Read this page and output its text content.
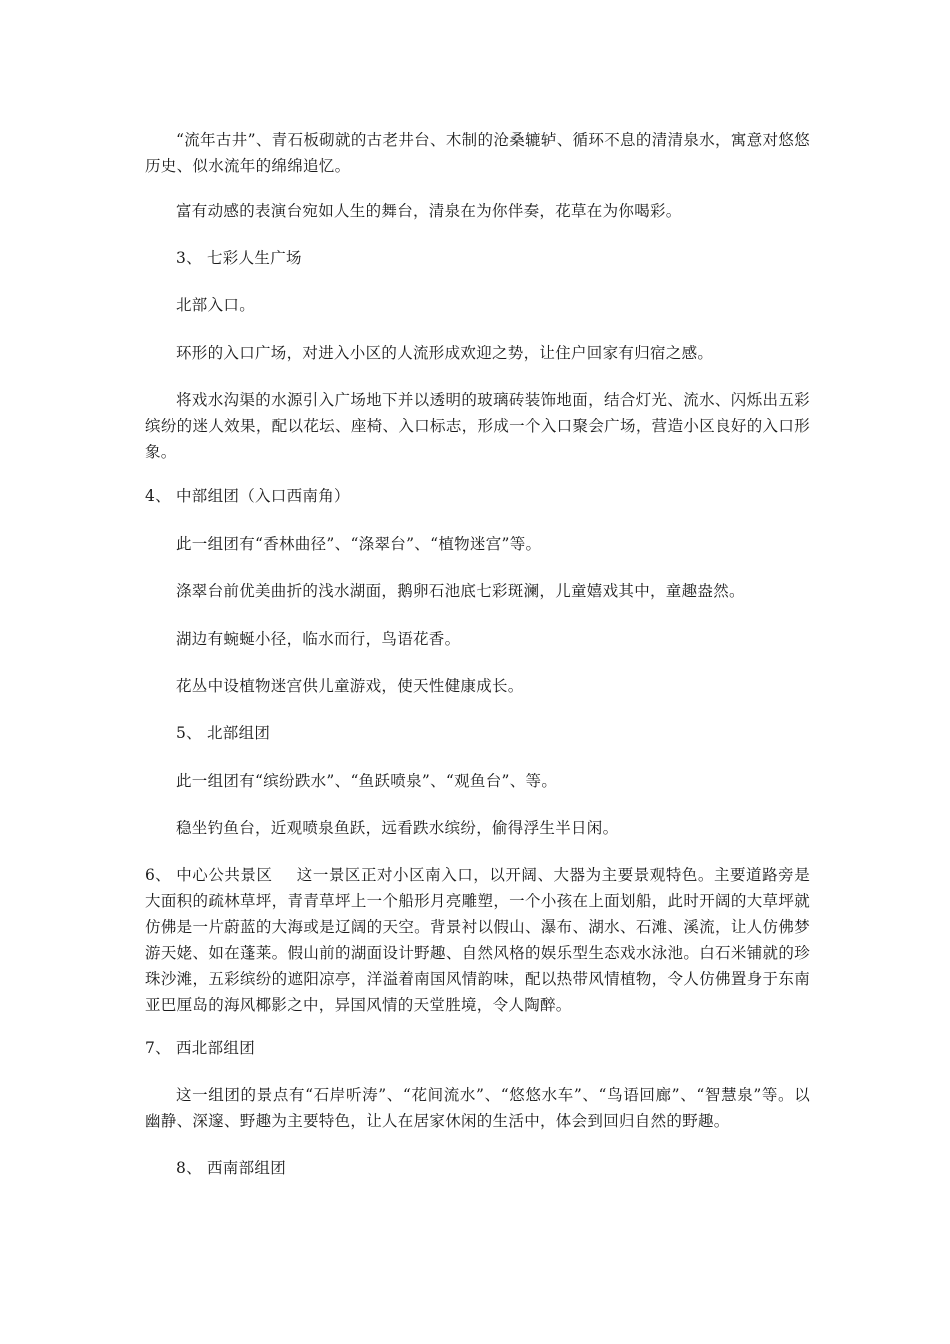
“流年古井”、青石板砌就的古老井台、木制的沧桑辘轳、循环不息的清清泉水，寓意对悠悠历史、似水流年的绵绵追忆。

富有动感的表演台宛如人生的舞台，清泉在为你伴奏，花草在为你喝彩。

3、 七彩人生广场

北部入口。

环形的入口广场，对进入小区的人流形成欢迎之势，让住户回家有归宿之感。

将戏水沟渠的水源引入广场地下并以透明的玻璃砖装饰地面，结合灯光、流水、闪烁出五彩缤纷的迷人效果，配以花坛、座椅、入口标志，形成一个入口聚会广场，营造小区良好的入口形象。

4、 中部组团（入口西南角）

此一组团有“香林曲径”、“涤翠台”、“植物迷宫”等。

涤翠台前优美曲折的浅水湖面，鹅卵石池底七彩斑澜，儿童嬉戏其中，童趣盎然。

湖边有蜿蜒小径，临水而行，鸟语花香。

花丛中设植物迷宫供儿童游戏，使天性健康成长。

5、 北部组团

此一组团有“缤纷跌水”、“鱼跃喷泉”、“观鱼台”、等。

稳坐钓鱼台，近观喷泉鱼跃，远看跌水缤纷，偷得浮生半日闲。

6、 中心公共景区 这一景区正对小区南入口，以开阔、大器为主要景观特色。主要道路旁是大面积的疏林草坪，青青草坪上一个船形月亮雕塑，一个小孩在上面划船，此时开阔的大草坪就仿佛是一片蔚蓝的大海或是辽阔的天空。背景衬以假山、瀑布、湖水、石滩、溪流，让人仿佛梦游天姥、如在蓬莱。假山前的湖面设计野趣、自然风格的娱乐型生态戏水泳池。白石米铺就的珍珠沙滩，五彩缤纷的遮阳凉亭，洋溢着南国风情韵味，配以热带风情植物，令人仿佛置身于东南亚巴厘岛的海风椰影之中，异国风情的天堂胜境，令人陶醉。

7、 西北部组团

这一组团的景点有“石岸听涛”、“花间流水”、“悠悠水车”、“鸟语回廊”、“智慧泉”等。以幽静、深邃、野趣为主要特色，让人在居家休闲的生活中，体会到回归自然的野趣。

8、 西南部组团
